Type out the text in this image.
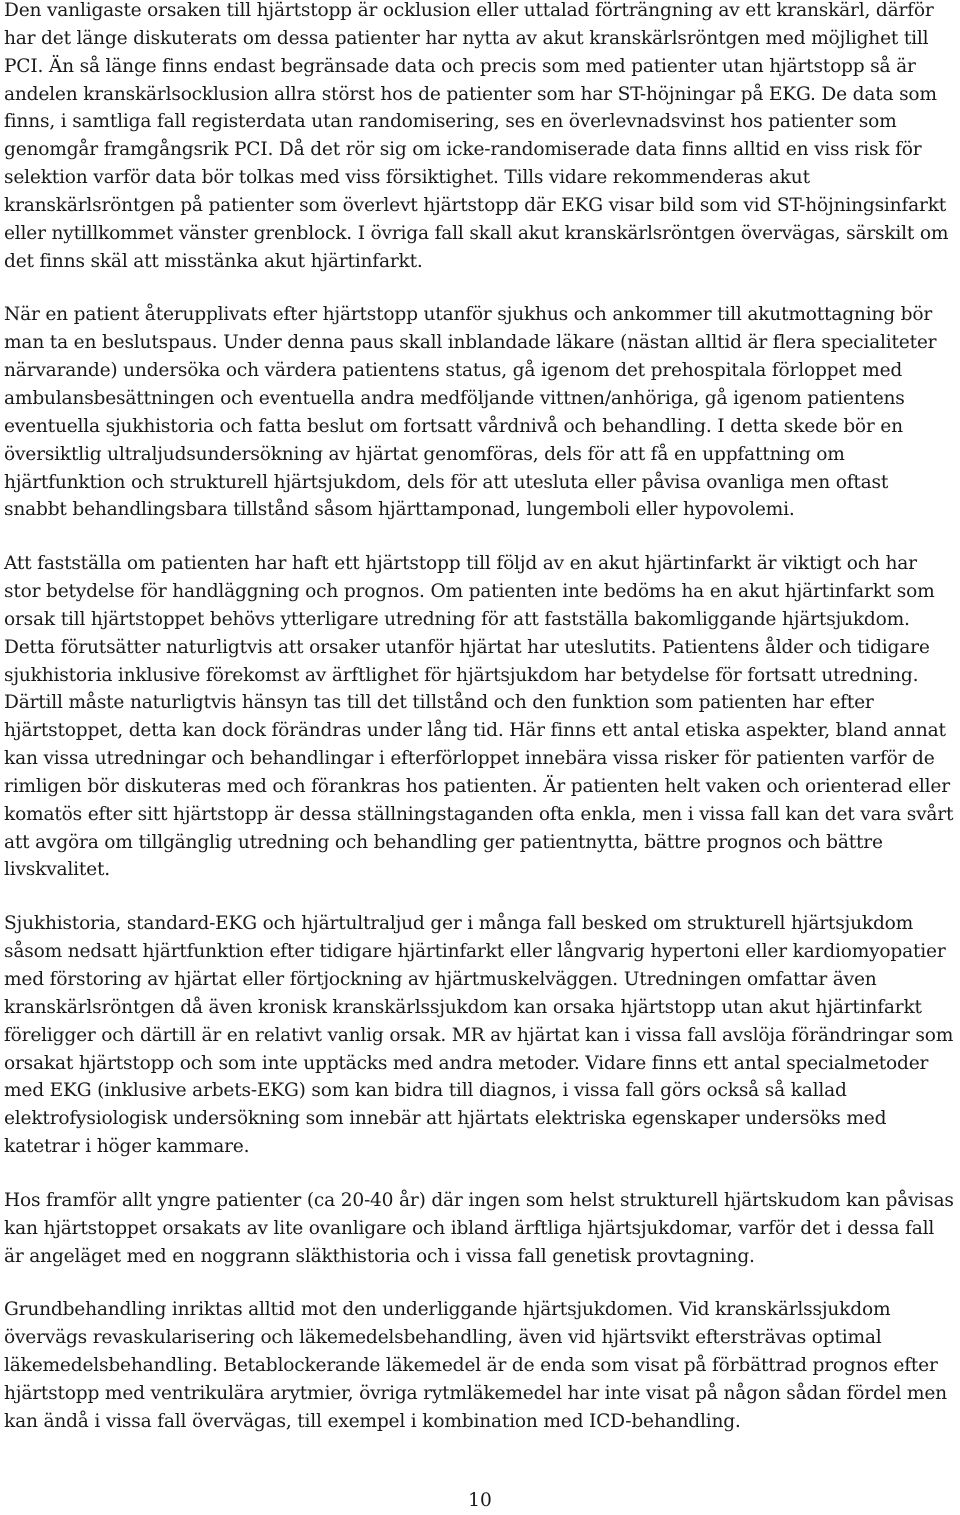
Den vanligaste orsaken till hjärtstopp är ocklusion eller uttalad förträngning av ett kranskärl, därför har det länge diskuterats om dessa patienter har nytta av akut kranskärlsröntgen med möjlighet till PCI. Än så länge finns endast begränsade data och precis som med patienter utan hjärtstopp så är andelen kranskärlsocklusion allra störst hos de patienter som har ST-höjningar på EKG. De data som finns, i samtliga fall registerdata utan randomisering, ses en överlevnadsvinst hos patienter som genomgår framgångsrik PCI. Då det rör sig om icke-randomiserade data finns alltid en viss risk för selektion varför data bör tolkas med viss försiktighet. Tills vidare rekommenderas akut kranskärlsröntgen på patienter som överlevt hjärtstopp där EKG visar bild som vid ST-höjningsinfarkt eller nytillkommet vänster grenblock. I övriga fall skall akut kranskärlsröntgen övervägas, särskilt om det finns skäl att misstänka akut hjärtinfarkt.

När en patient återupplivats efter hjärtstopp utanför sjukhus och ankommer till akutmottagning bör man ta en beslutspaus. Under denna paus skall inblandade läkare (nästan alltid är flera specialiteter närvarande) undersöka och värdera patientens status, gå igenom det prehospitala förloppet med ambulansbesättningen och eventuella andra medföljande vittnen/anhöriga, gå igenom patientens eventuella sjukhistoria och fatta beslut om fortsatt vårdnivå och behandling. I detta skede bör en översiktlig ultraljudsundersökning av hjärtat genomföras, dels för att få en uppfattning om hjärtfunktion och strukturell hjärtsjukdom, dels för att utesluta eller påvisa ovanliga men oftast snabbt behandlingsbara tillstånd såsom hjärttamponad, lungemboli eller hypovolemi.

Att fastställa om patienten har haft ett hjärtstopp till följd av en akut hjärtinfarkt är viktigt och har stor betydelse för handläggning och prognos. Om patienten inte bedöms ha en akut hjärtinfarkt som orsak till hjärtstoppet behövs ytterligare utredning för att fastställa bakomliggande hjärtsjukdom. Detta förutsätter naturligtvis att orsaker utanför hjärtat har uteslutits. Patientens ålder och tidigare sjukhistoria inklusive förekomst av ärftlighet för hjärtsjukdom har betydelse för fortsatt utredning. Därtill måste naturligtvis hänsyn tas till det tillstånd och den funktion som patienten har efter hjärtstoppet, detta kan dock förändras under lång tid. Här finns ett antal etiska aspekter, bland annat kan vissa utredningar och behandlingar i efterförloppet innebära vissa risker för patienten varför de rimligen bör diskuteras med och förankras hos patienten. Är patienten helt vaken och orienterad eller komatös efter sitt hjärtstopp är dessa ställningstaganden ofta enkla, men i vissa fall kan det vara svårt att avgöra om tillgänglig utredning och behandling ger patientnytta, bättre prognos och bättre livskvalitet.

Sjukhistoria, standard-EKG och hjärtultraljud ger i många fall besked om strukturell hjärtsjukdom såsom nedsatt hjärtfunktion efter tidigare hjärtinfarkt eller långvarig hypertoni eller kardiomyopatier med förstoring av hjärtat eller förtjockning av hjärtmuskelväggen. Utredningen omfattar även kranskärlsröntgen då även kronisk kranskärlssjukdom kan orsaka hjärtstopp utan akut hjärtinfarkt föreligger och därtill är en relativt vanlig orsak. MR av hjärtat kan i vissa fall avslöja förändringar som orsakat hjärtstopp och som inte upptäcks med andra metoder. Vidare finns ett antal specialmetoder med EKG (inklusive arbets-EKG) som kan bidra till diagnos, i vissa fall görs också så kallad elektrofysiologisk undersökning som innebär att hjärtats elektriska egenskaper undersöks med katetrar i höger kammare.

Hos framför allt yngre patienter (ca 20-40 år) där ingen som helst strukturell hjärtskudom kan påvisas kan hjärtstoppet orsakats av lite ovanligare och ibland ärftliga hjärtsjukdomar, varför det i dessa fall är angeläget med en noggrann släkthistoria och i vissa fall genetisk provtagning.

Grundbehandling inriktas alltid mot den underliggande hjärtsjukdomen. Vid kranskärlssjukdom övervägs revaskularisering och läkemedelsbehandling, även vid hjärtsvikt eftersträvas optimal läkemedelsbehandling. Betablockerande läkemedel är de enda som visat på förbättrad prognos efter hjärtstopp med ventrikulära arytmier, övriga rytmläkemedel har inte visat på någon sådan fördel men kan ändå i vissa fall övervägas, till exempel i kombination med ICD-behandling.

10
